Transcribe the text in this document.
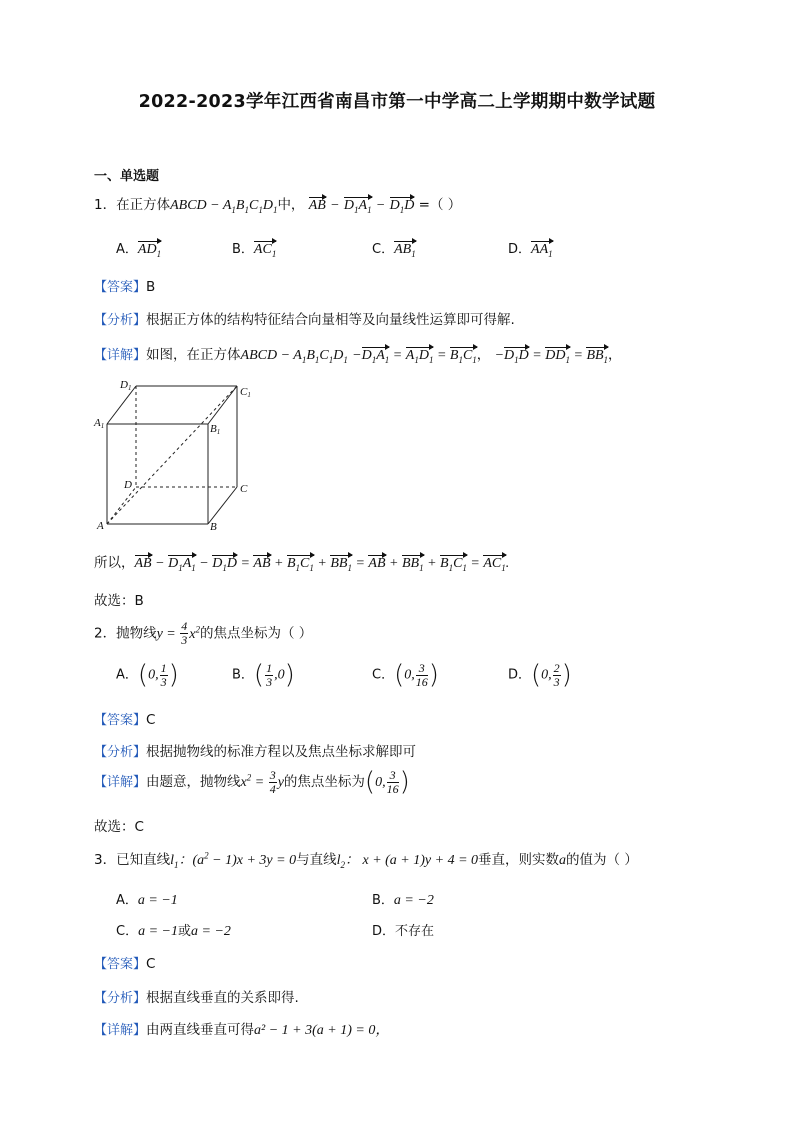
2022-2023学年江西省南昌市第一中学高二上学期期中数学试题
一、单选题
1．在正方体ABCD − $A_1B_1C_1D_1$中， AB − $D_1A_1 - D_1D$ =（ ）
A．$AD_1$	B．$AC_1$	C．$AB_1$	D．$AA_1$
【答案】B
【分析】根据正方体的结构特征结合向量相等及向量线性运算即可得解.
【详解】如图，在正方体ABCD − $A_1B_1C_1D_1 -D_1A_1 = A_1D_1 = B_1C_1$， $-D_1D = DD_1 = BB_1$，
D1	C1
A1	B1
D	C
A	B
所以，AB − $D_1A_1 - D_1D$ = AB + $B_1C_1 + BB_1$ = AB + $BB_1 + B_1C_1 = AC_1$.
故选：B
2．抛物线$y = \frac{4}{3} x^2$的焦点坐标为（ ）
A．(0, $\frac{1}{3}$ )	B．( $\frac{1}{3} ,0$)	C．(0, $\frac{3}{16}$ )	D．(0, $\frac{2}{3}$ )
【答案】C
【分析】根据抛物线的标准方程以及焦点坐标求解即可
【详解】由题意，抛物线$x^2 = \frac{3}{4}$ y的焦点坐标为(0, $\frac{3}{16}$ )
故选：C
3．已知直线$l_1$：$(a^2 - 1)x + 3y = 0$与直线$l_2$： x + (a + 1)y + 4 = 0垂直，则实数a的值为（ ）
A．a = −1	B．a = −2
C．a = −1或a = −2	D．不存在
【答案】C
【分析】根据直线垂直的关系即得.
【详解】由两直线垂直可得a² − 1 + 3(a + 1) = 0，
